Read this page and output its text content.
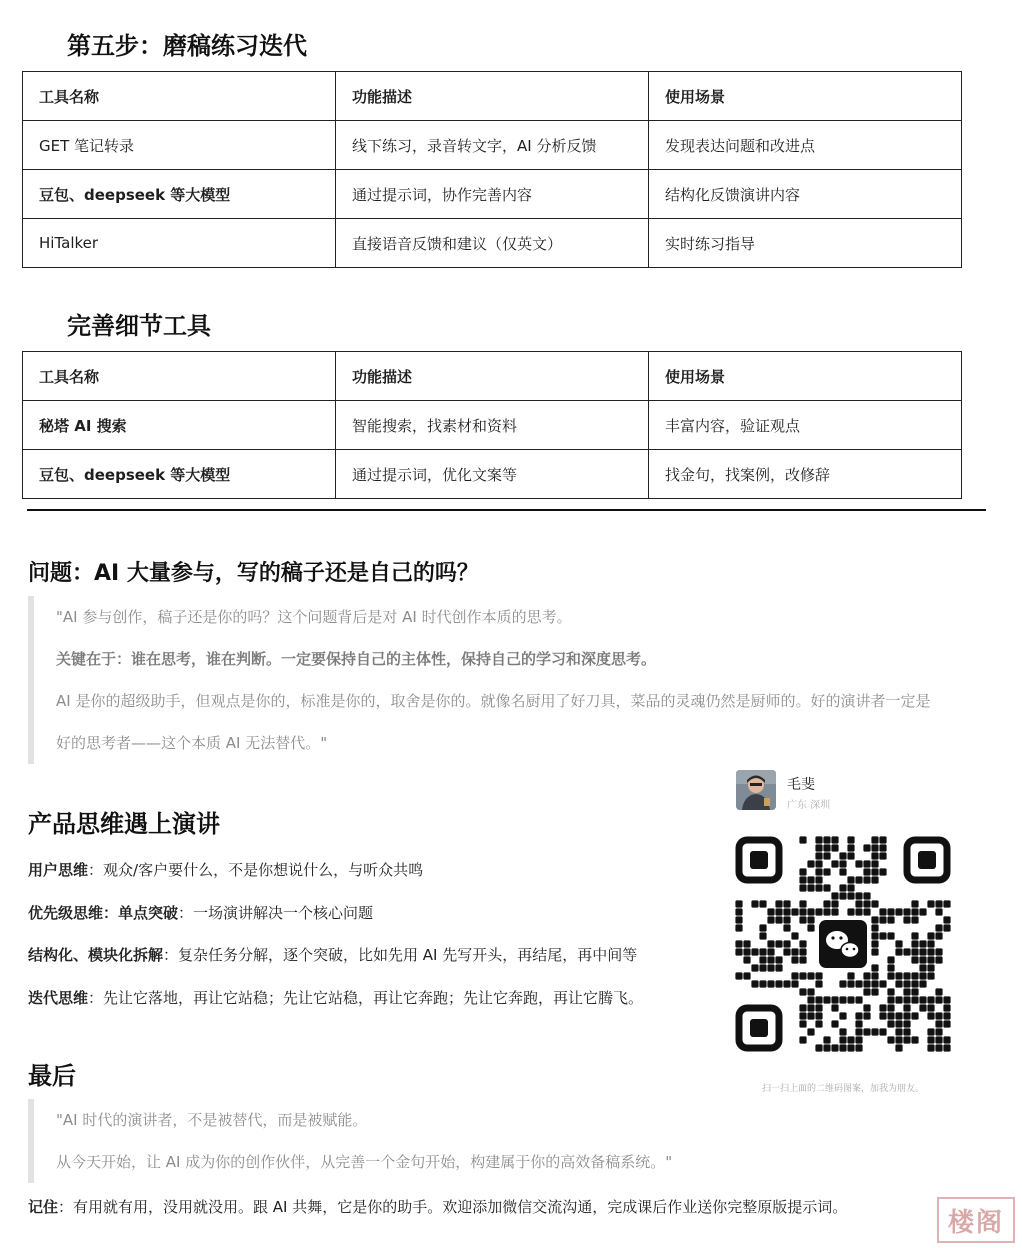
第五步：磨稿练习迭代
工具名称	功能描述	使用场景
GET 笔记转录	线下练习，录音转文字，AI 分析反馈	发现表达问题和改进点
豆包、deepseek 等大模型	通过提示词，协作完善内容	结构化反馈演讲内容
HiTalker	直接语音反馈和建议（仅英文）	实时练习指导
完善细节工具
工具名称	功能描述	使用场景
秘塔 AI 搜索	智能搜索，找素材和资料	丰富内容，验证观点
豆包、deepseek 等大模型	通过提示词，优化文案等	找金句，找案例，改修辞
问题：AI 大量参与，写的稿子还是自己的吗？

"AI 参与创作，稿子还是你的吗？这个问题背后是对 AI 时代创作本质的思考。

关键在于：谁在思考，谁在判断。一定要保持自己的主体性，保持自己的学习和深度思考。

AI 是你的超级助手，但观点是你的，标准是你的，取舍是你的。就像名厨用了好刀具，菜品的灵魂仍然是厨师的。好的演讲者一定是

好的思考者——这个本质 AI 无法替代。"

产品思维遇上演讲

用户思维：观众/客户要什么，不是你想说什么，与听众共鸣

优先级思维：单点突破：一场演讲解决一个核心问题

结构化、模块化拆解：复杂任务分解，逐个突破，比如先用 AI 先写开头，再结尾，再中间等

迭代思维：先让它落地，再让它站稳；先让它站稳，再让它奔跑；先让它奔跑，再让它腾飞。

毛斐
广东 深圳
扫一扫上面的二维码图案，加我为朋友。
最后

"AI 时代的演讲者，不是被替代，而是被赋能。

从今天开始，让 AI 成为你的创作伙伴，从完善一个金句开始，构建属于你的高效备稿系统。"

记住：有用就有用，没用就没用。跟 AI 共舞，它是你的助手。欢迎添加微信交流沟通，完成课后作业送你完整原版提示词。

楼阁
